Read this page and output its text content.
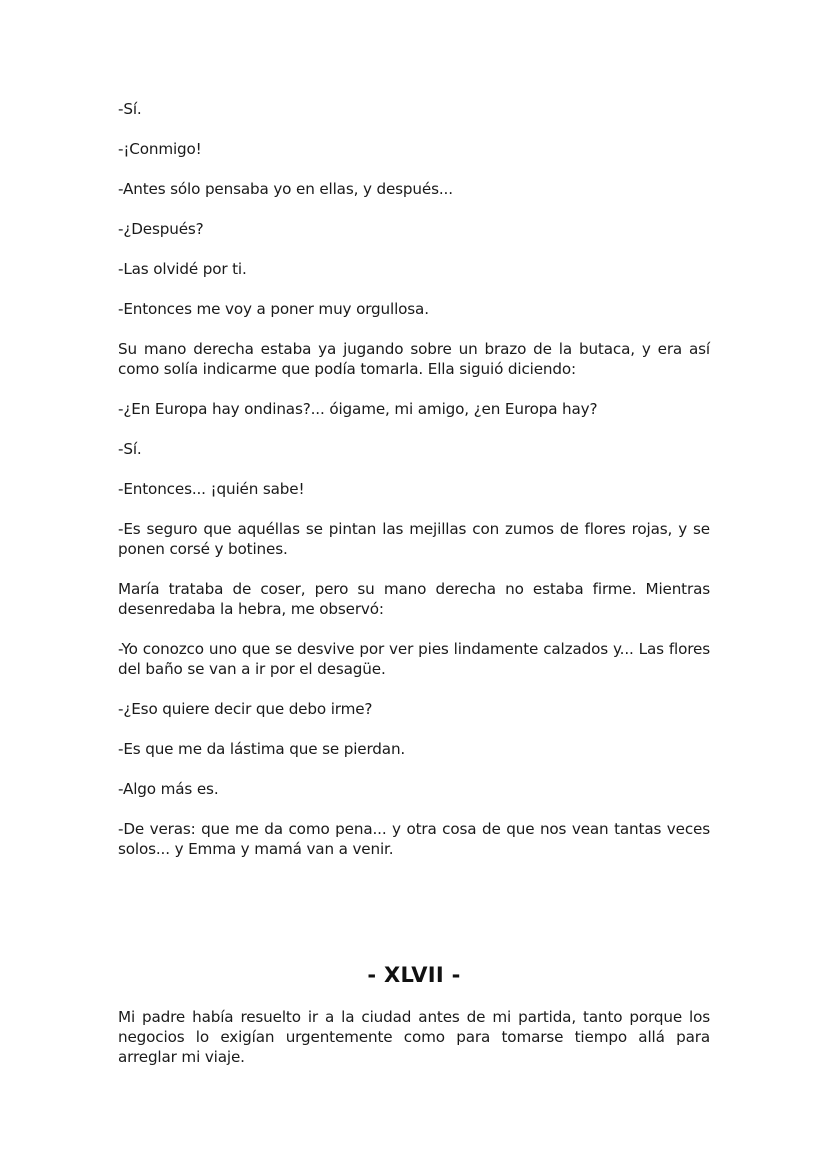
-Sí.

-¡Conmigo!

-Antes sólo pensaba yo en ellas, y después...

-¿Después?

-Las olvidé por ti.

-Entonces me voy a poner muy orgullosa.

Su mano derecha estaba ya jugando sobre un brazo de la butaca, y era así como solía indicarme que podía tomarla. Ella siguió diciendo:

-¿En Europa hay ondinas?... óigame, mi amigo, ¿en Europa hay?

-Sí.

-Entonces... ¡quién sabe!

-Es seguro que aquéllas se pintan las mejillas con zumos de flores rojas, y se ponen corsé y botines.

María trataba de coser, pero su mano derecha no estaba firme. Mientras desenredaba la hebra, me observó:

-Yo conozco uno que se desvive por ver pies lindamente calzados y... Las flores del baño se van a ir por el desagüe.

-¿Eso quiere decir que debo irme?

-Es que me da lástima que se pierdan.

-Algo más es.

-De veras: que me da como pena... y otra cosa de que nos vean tantas veces solos... y Emma y mamá van a venir.

- XLVII -

Mi padre había resuelto ir a la ciudad antes de mi partida, tanto porque los negocios lo exigían urgentemente como para tomarse tiempo allá para arreglar mi viaje.
